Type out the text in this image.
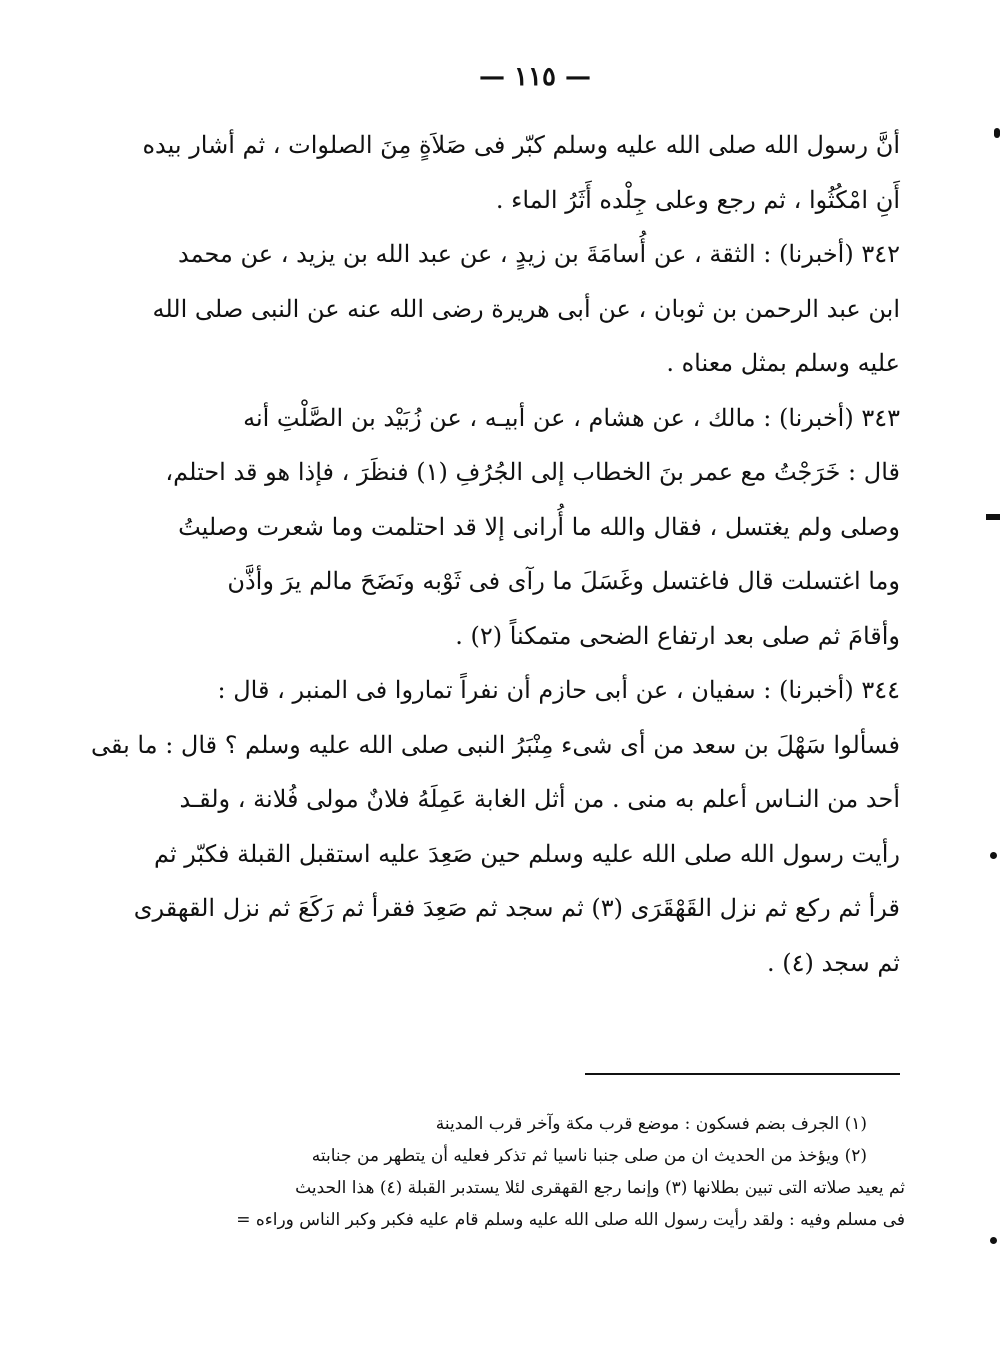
— ١١٥ —
أنَّ رسول الله صلى الله عليه وسلم كبّر فى صَلاَةٍ مِنَ الصلوات ، ثم أشار بيده
أَنِ امْكُثُوا ، ثم رجع وعلى جِلْده أَثَرُ الماء .
٣٤٢ (أخبرنا) : الثقة ، عن أُسامَةَ بن زيدٍ ، عن عبد الله بن يزيد ، عن محمد
ابن عبد الرحمن بن ثوبان ، عن أبى هريرة رضى الله عنه عن النبى صلى الله
عليه وسلم بمثل معناه .
٣٤٣ (أخبرنا) : مالك ، عن هشام ، عن أبيـه ، عن زُبَيْد بن الصَّلْتِ أنه
قال : خَرَجْتُ مع عمر بنَ الخطاب إلى الجُرُفِ (١) فنظَرَ ، فإذا هو قد احتلم،
وصلى ولم يغتسل ، فقال والله ما أُرانى إلا قد احتلمت وما شعرت وصليتُ
وما اغتسلت قال فاغتسل وغَسَلَ ما رآى فى ثَوْبه ونَضَحَ مالم يرَ وأذَّن
وأقامَ ثم صلى بعد ارتفاع الضحى متمكناً (٢) .
٣٤٤ (أخبرنا) : سفيان ، عن أبى حازم أن نفراً تماروا فى المنبر ، قال :
فسألوا سَهْلَ بن سعد من أى شىء مِنْبَرُ النبى صلى الله عليه وسلم ؟ قال : ما بقى
أحد من النـاس أعلم به منى . من أثل الغابة عَمِلَهُ فلانٌ مولى فُلانة ، ولقـد
رأيت رسول الله صلى الله عليه وسلم حين صَعِدَ عليه استقبل القبلة فكبّر ثم
قرأ ثم ركع ثم نزل القَهْقَرَى (٣) ثم سجد ثم صَعِدَ فقرأ ثم رَكَعَ ثم نزل القهقرى
ثم سجد (٤) .
(١) الجرف بضم فسكون : موضع قرب مكة وآخر قرب المدينة
(٢) ويؤخذ من الحديث ان من صلى جنبا ناسيا ثم تذكر فعليه أن يتطهر من جنابته
ثم يعيد صلاته التى تبين بطلانها (٣) وإنما رجع القهقرى لئلا يستدبر القبلة (٤) هذا الحديث
فى مسلم وفيه : ولقد رأيت رسول الله صلى الله عليه وسلم قام عليه فكبر وكبر الناس وراءه =
